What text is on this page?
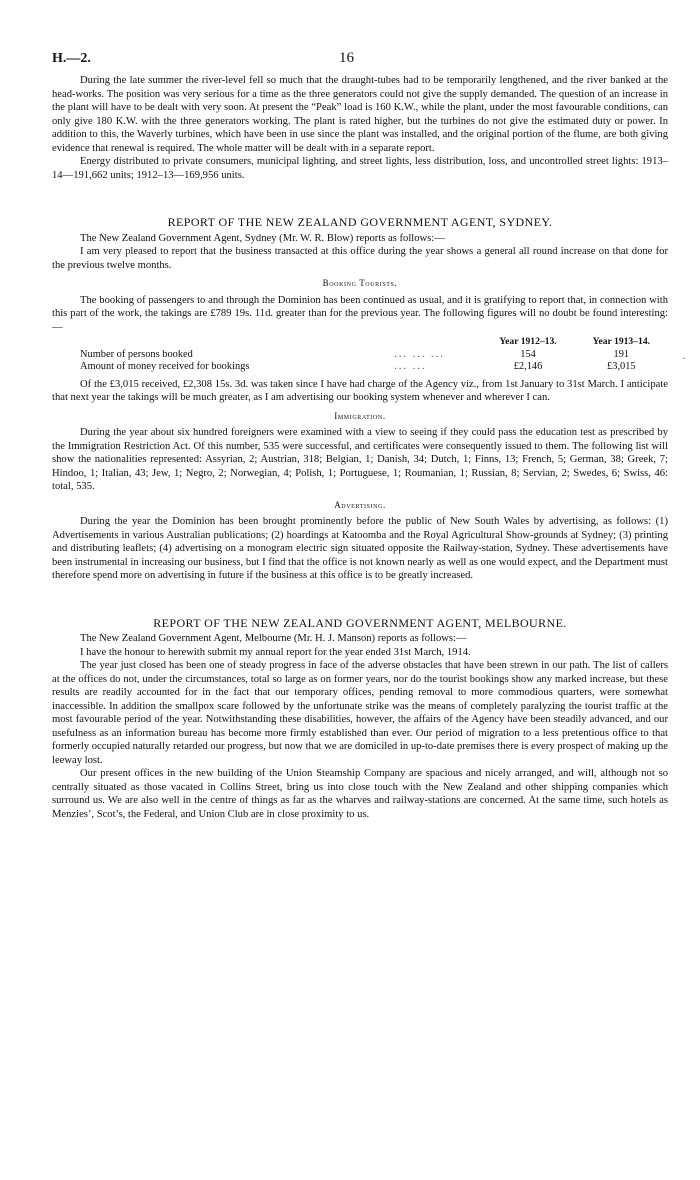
·
H.—2.	16

During the late summer the river-level fell so much that the draught-tubes had to be temporarily lengthened, and the river banked at the head-works. The position was very serious for a time as the three generators could not give the supply demanded. The question of an increase in the plant will have to be dealt with very soon. At present the “Peak” load is 160 K.W., while the plant, under the most favourable conditions, can only give 180 K.W. with the three generators working. The plant is rated higher, but the turbines do not give the estimated duty or power. In addition to this, the Waverly turbines, which have been in use since the plant was installed, and the original portion of the flume, are both giving evidence that renewal is required. The whole matter will be dealt with in a separate report.

Energy distributed to private consumers, municipal lighting, and street lights, less distribution, loss, and uncontrolled street lights: 1913–14—191,662 units; 1912–13—169,956 units.

REPORT OF THE NEW ZEALAND GOVERNMENT AGENT, SYDNEY.

The New Zealand Government Agent, Sydney (Mr. W. R. Blow) reports as follows:—

I am very pleased to report that the business transacted at this office during the year shows a general all round increase on that done for the previous twelve months.

Booking Tourists.

The booking of passengers to and through the Dominion has been continued as usual, and it is gratifying to report that, in connection with this part of the work, the takings are £789 19s. 11d. greater than for the previous year. The following figures will no doubt be found interesting:—

		Year 1912–13.	Year 1913–14.
Number of persons booked	... ... ...	154	191
Amount of money received for bookings	... ...	£2,146	£3,015

Of the £3,015 received, £2,308 15s. 3d. was taken since I have had charge of the Agency viz., from 1st January to 31st March. I anticipate that next year the takings will be much greater, as I am advertising our booking system whenever and wherever I can.

Immigration.

During the year about six hundred foreigners were examined with a view to seeing if they could pass the education test as prescribed by the Immigration Restriction Act. Of this number, 535 were successful, and certificates were consequently issued to them. The following list will show the nationalities represented: Assyrian, 2; Austrian, 318; Belgian, 1; Danish, 34; Dutch, 1; Finns, 13; French, 5; German, 38; Greek, 7; Hindoo, 1; Italian, 43; Jew, 1; Negro, 2; Norwegian, 4; Polish, 1; Portuguese, 1; Roumanian, 1; Russian, 8; Servian, 2; Swedes, 6; Swiss, 46: total, 535.

Advertising.

During the year the Dominion has been brought prominently before the public of New South Wales by advertising, as follows: (1) Advertisements in various Australian publications; (2) hoardings at Katoomba and the Royal Agricultural Show-grounds at Sydney; (3) printing and distributing leaflets; (4) advertising on a monogram electric sign situated opposite the Railway-station, Sydney. These advertisements have been instrumental in increasing our business, but I find that the office is not known nearly as well as one would expect, and the Department must therefore spend more on advertising in future if the business at this office is to be greatly increased.

REPORT OF THE NEW ZEALAND GOVERNMENT AGENT, MELBOURNE.

The New Zealand Government Agent, Melbourne (Mr. H. J. Manson) reports as follows:—

I have the honour to herewith submit my annual report for the year ended 31st March, 1914.

The year just closed has been one of steady progress in face of the adverse obstacles that have been strewn in our path. The list of callers at the offices do not, under the circumstances, total so large as on former years, nor do the tourist bookings show any marked increase, but these results are readily accounted for in the fact that our temporary offices, pending removal to more commodious quarters, were somewhat inaccessible. In addition the smallpox scare followed by the unfortunate strike was the means of completely paralyzing the tourist traffic at the most favourable period of the year. Notwithstanding these disabilities, however, the affairs of the Agency have been steadily advanced, and our usefulness as an information bureau has become more firmly established than ever. Our period of migration to a less pretentious office to that formerly occupied naturally retarded our progress, but now that we are domiciled in up-to-date premises there is every prospect of making up the leeway lost.

Our present offices in the new building of the Union Steamship Company are spacious and nicely arranged, and will, although not so centrally situated as those vacated in Collins Street, bring us into close touch with the New Zealand and other shipping companies which surround us. We are also well in the centre of things as far as the wharves and railway-stations are concerned. At the same time, such hotels as Menzies’, Scot’s, the Federal, and Union Club are in close proximity to us.
